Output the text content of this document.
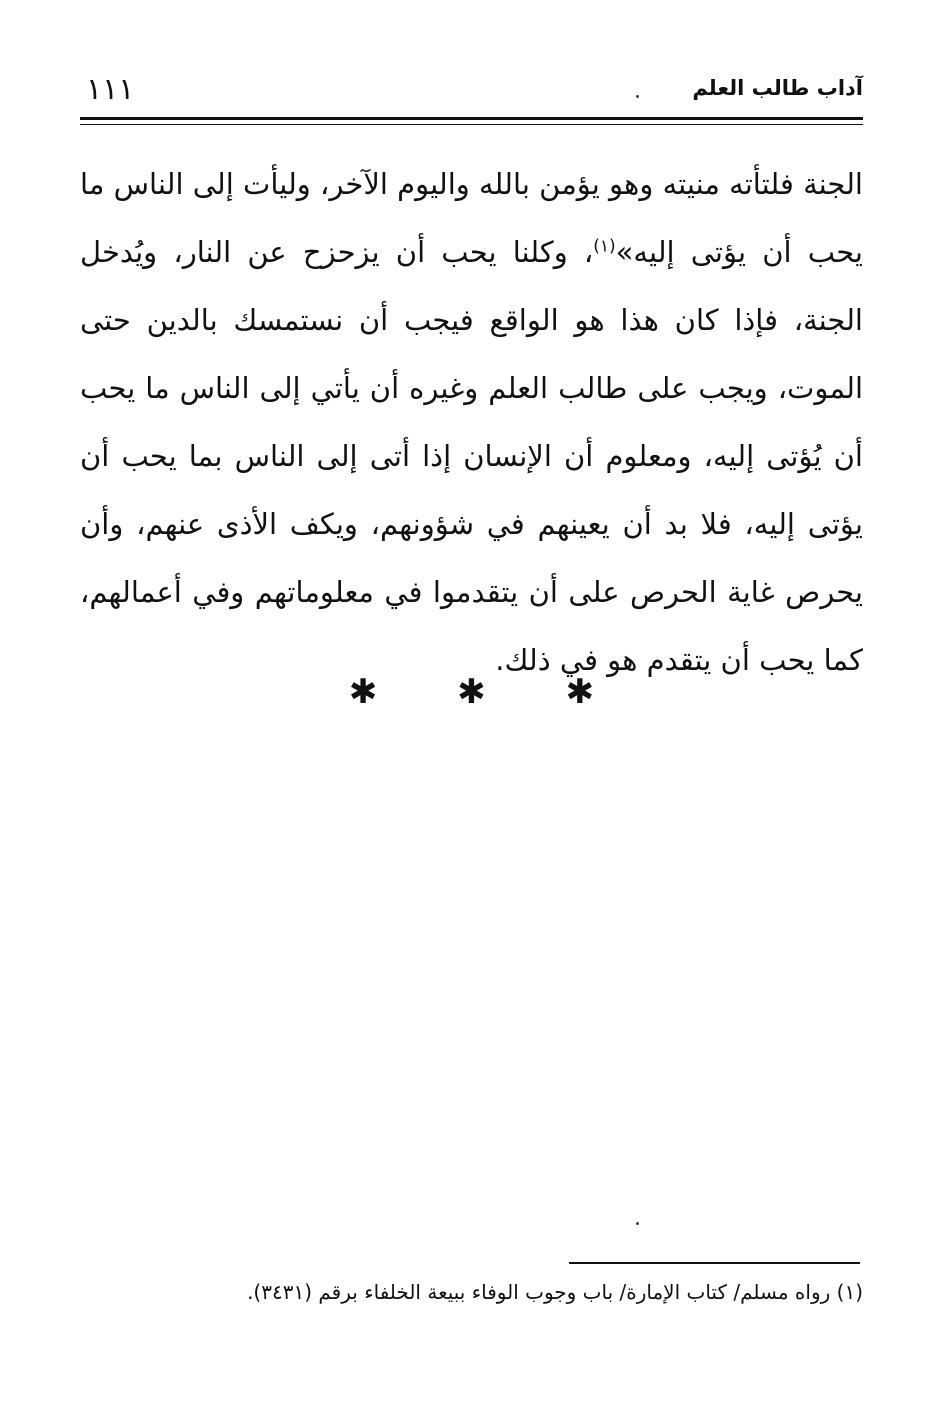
آداب طالب العلم
١١١
الجنة فلتأته منيته وهو يؤمن بالله واليوم الآخر، وليأت إلى الناس ما يحب أن يؤتى إليه»$^{(١)}$، وكلنا يحب أن يزحزح عن النار، ويُدخل الجنة، فإذا كان هذا هو الواقع فيجب أن نستمسك بالدين حتى الموت، ويجب على طالب العلم وغيره أن يأتي إلى الناس ما يحب أن يُؤتى إليه، ومعلوم أن الإنسان إذا أتى إلى الناس بما يحب أن يؤتى إليه، فلا بد أن يعينهم في شؤونهم، ويكف الأذى عنهم، وأن يحرص غاية الحرص على أن يتقدموا في معلوماتهم وفي أعمالهم، كما يحب أن يتقدم هو في ذلك.
✱ ✱ ✱
(١) رواه مسلم/ كتاب الإمارة/ باب وجوب الوفاء ببيعة الخلفاء برقم (٣٤٣١).
